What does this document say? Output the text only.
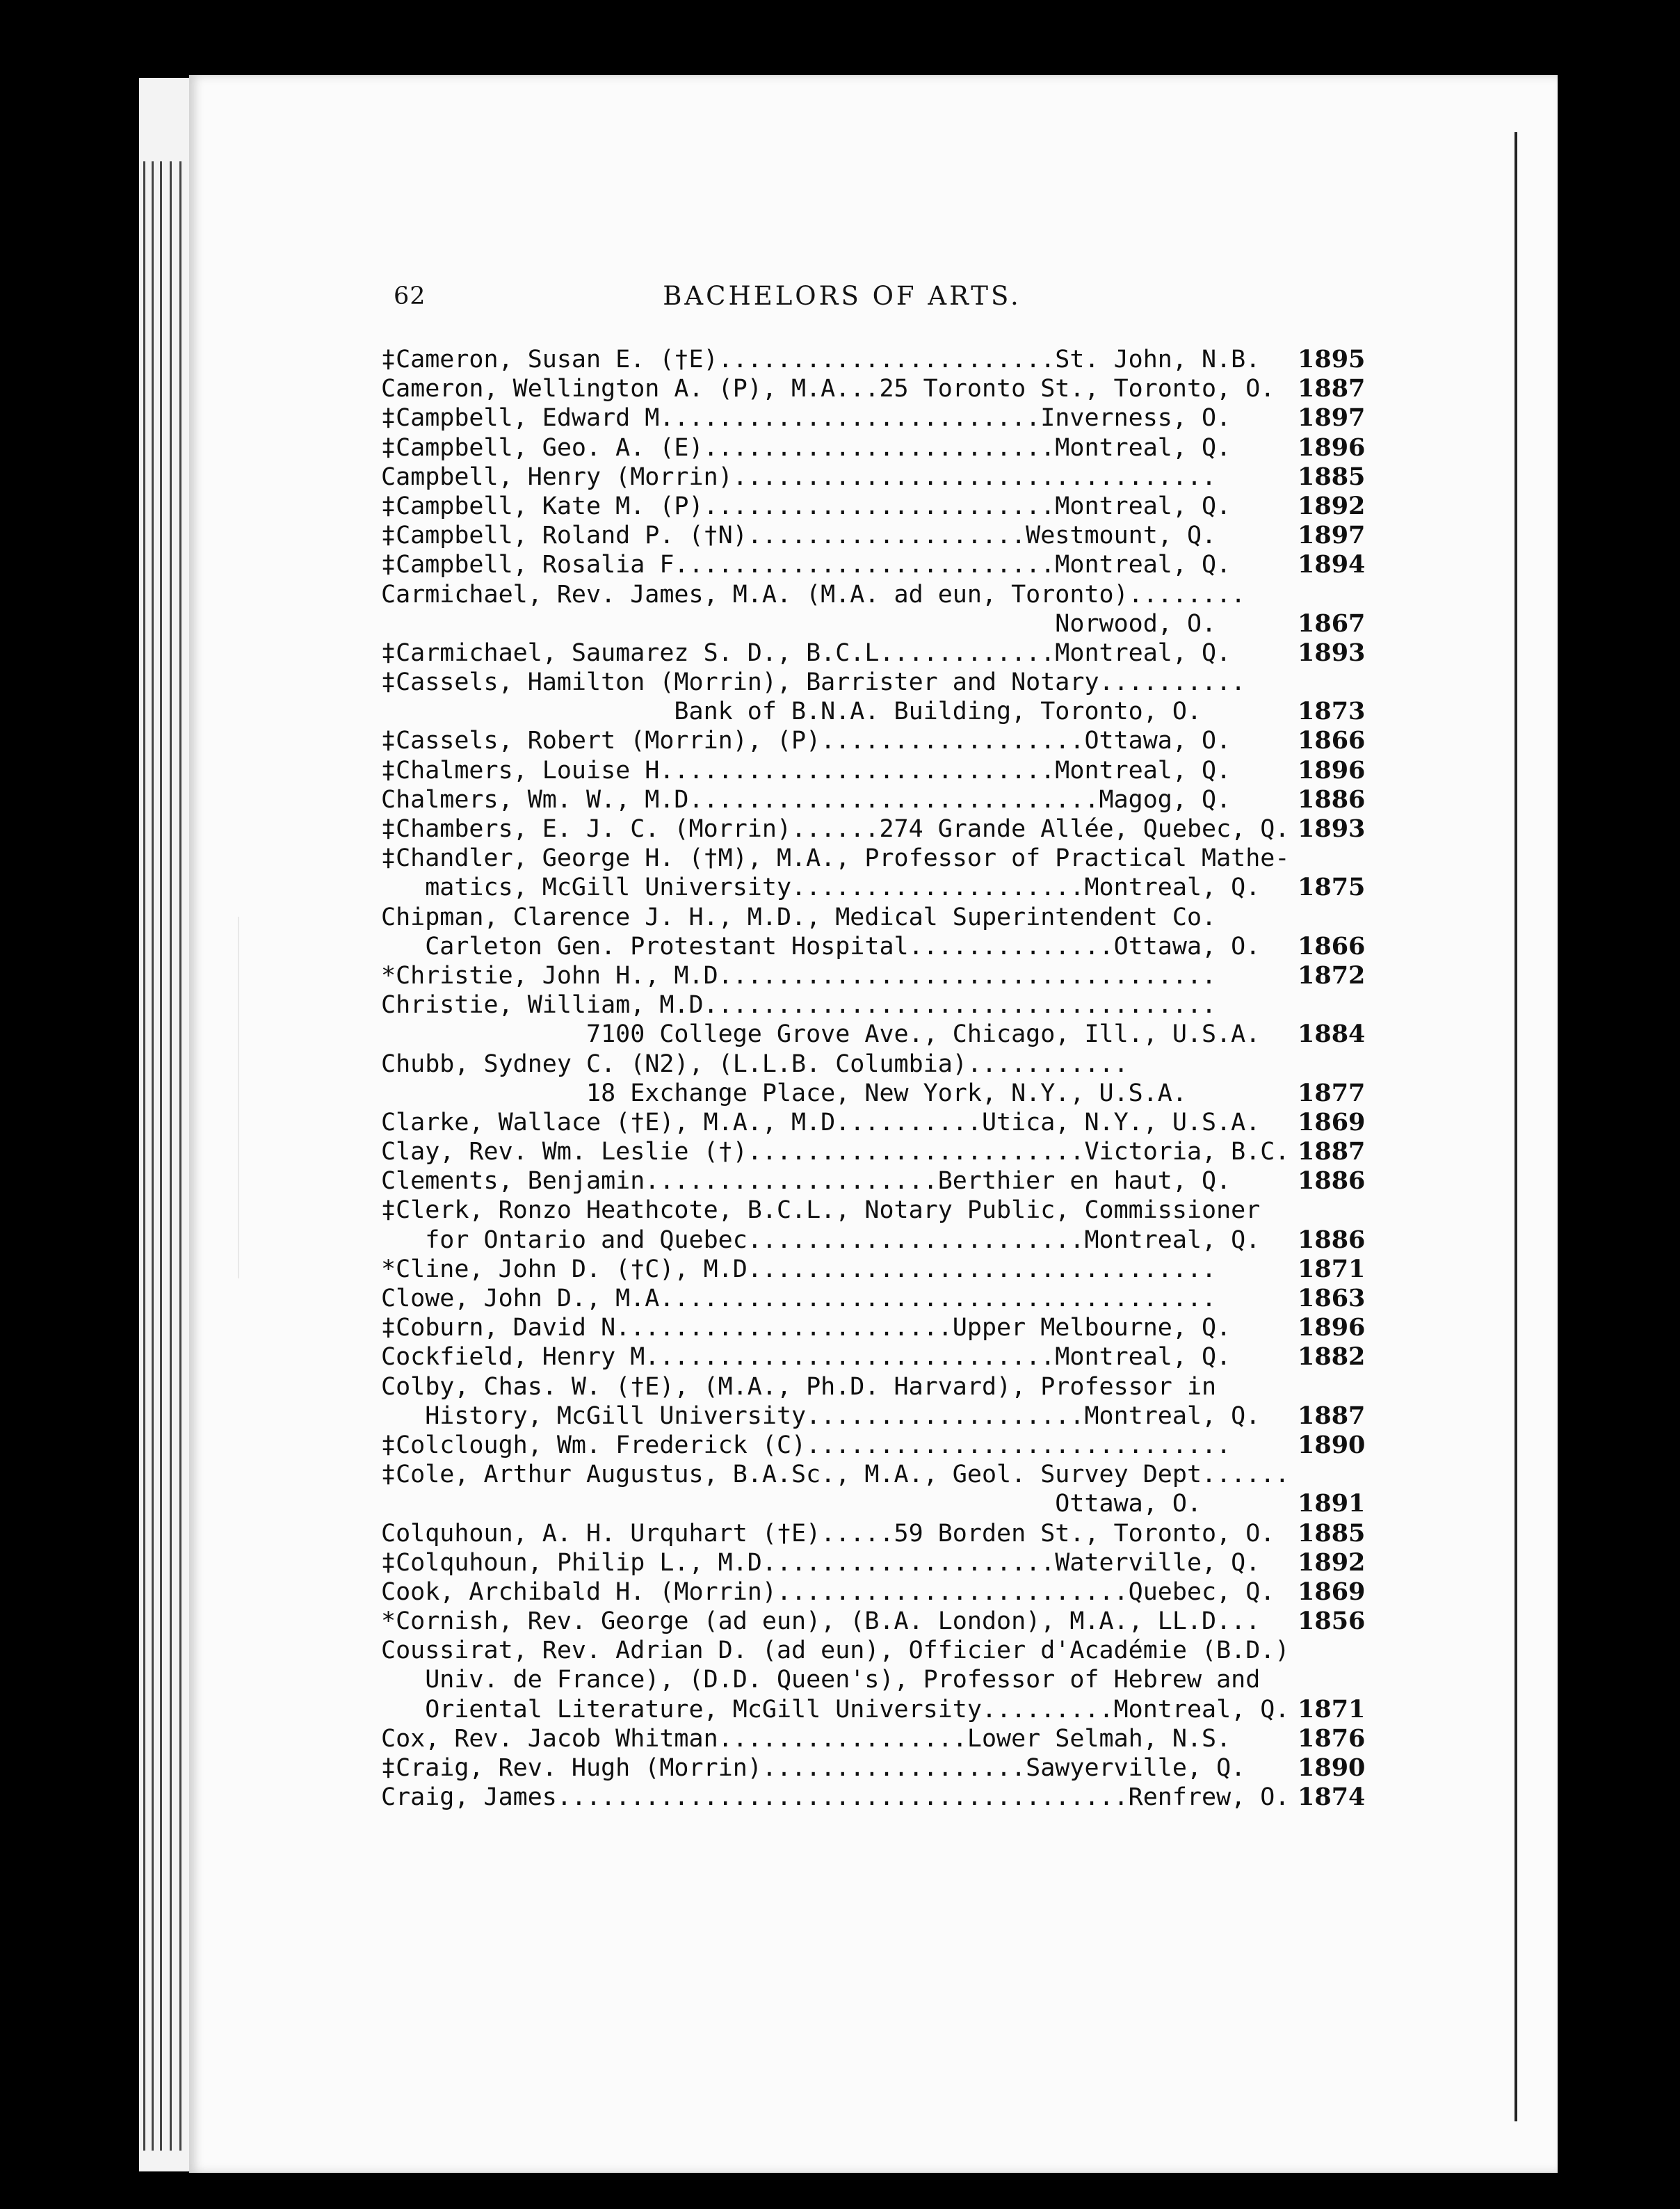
62	BACHELORS OF ARTS.
‡Cameron, Susan E. (†E).......................St. John, N.B.	1895
Cameron, Wellington A. (P), M.A...25 Toronto St., Toronto, O. 1887
‡Campbell, Edward M..........................Inverness, O.	1897
‡Campbell, Geo. A. (E)........................Montreal, Q.	1896
Campbell, Henry (Morrin).................................	1885
‡Campbell, Kate M. (P)........................Montreal, Q.	1892
‡Campbell, Roland P. (†N)...................Westmount, Q.	1897
‡Campbell, Rosalia F..........................Montreal, Q.	1894
Carmichael, Rev. James, M.A. (M.A. ad eun, Toronto)........
Norwood, O.	1867
‡Carmichael, Saumarez S. D., B.C.L............Montreal, Q.	1893
‡Cassels, Hamilton (Morrin), Barrister and Notary..........
Bank of B.N.A. Building, Toronto, O.	1873
‡Cassels, Robert (Morrin), (P)..................Ottawa, O.	1866
‡Chalmers, Louise H...........................Montreal, Q.	1896
Chalmers, Wm. W., M.D............................Magog, Q.	1886
‡Chambers, E. J. C. (Morrin)......274 Grande Allée, Quebec, Q. 1893
‡Chandler, George H. (†M), M.A., Professor of Practical Mathe-
matics, McGill University....................Montreal, Q.	1875
Chipman, Clarence J. H., M.D., Medical Superintendent Co.
Carleton Gen. Protestant Hospital..............Ottawa, O.	1866
*Christie, John H., M.D..................................	1872
Christie, William, M.D...................................
7100 College Grove Ave., Chicago, Ill., U.S.A.	1884
Chubb, Sydney C. (N2), (L.L.B. Columbia)...........
18 Exchange Place, New York, N.Y., U.S.A.	1877
Clarke, Wallace (†E), M.A., M.D..........Utica, N.Y., U.S.A.	1869
Clay, Rev. Wm. Leslie (†).......................Victoria, B.C. 1887
Clements, Benjamin....................Berthier en haut, Q.	1886
‡Clerk, Ronzo Heathcote, B.C.L., Notary Public, Commissioner
for Ontario and Quebec.......................Montreal, Q.	1886
*Cline, John D. (†C), M.D................................	1871
Clowe, John D., M.A......................................	1863
‡Coburn, David N.......................Upper Melbourne, Q.	1896
Cockfield, Henry M............................Montreal, Q.	1882
Colby, Chas. W. (†E), (M.A., Ph.D. Harvard), Professor in
History, McGill University...................Montreal, Q.	1887
‡Colclough, Wm. Frederick (C).............................	1890
‡Cole, Arthur Augustus, B.A.Sc., M.A., Geol. Survey Dept......
Ottawa, O.	1891
Colquhoun, A. H. Urquhart (†E).....59 Borden St., Toronto, O. 1885
‡Colquhoun, Philip L., M.D....................Waterville, Q.	1892
Cook, Archibald H. (Morrin)........................Quebec, Q. 1869
*Cornish, Rev. George (ad eun), (B.A. London), M.A., LL.D...	1856
Coussirat, Rev. Adrian D. (ad eun), Officier d'Académie (B.D.)
Univ. de France), (D.D. Queen's), Professor of Hebrew and
Oriental Literature, McGill University.........Montreal, Q. 1871
Cox, Rev. Jacob Whitman.................Lower Selmah, N.S.	1876
‡Craig, Rev. Hugh (Morrin)..................Sawyerville, Q.	1890
Craig, James.......................................Renfrew, O. 1874
